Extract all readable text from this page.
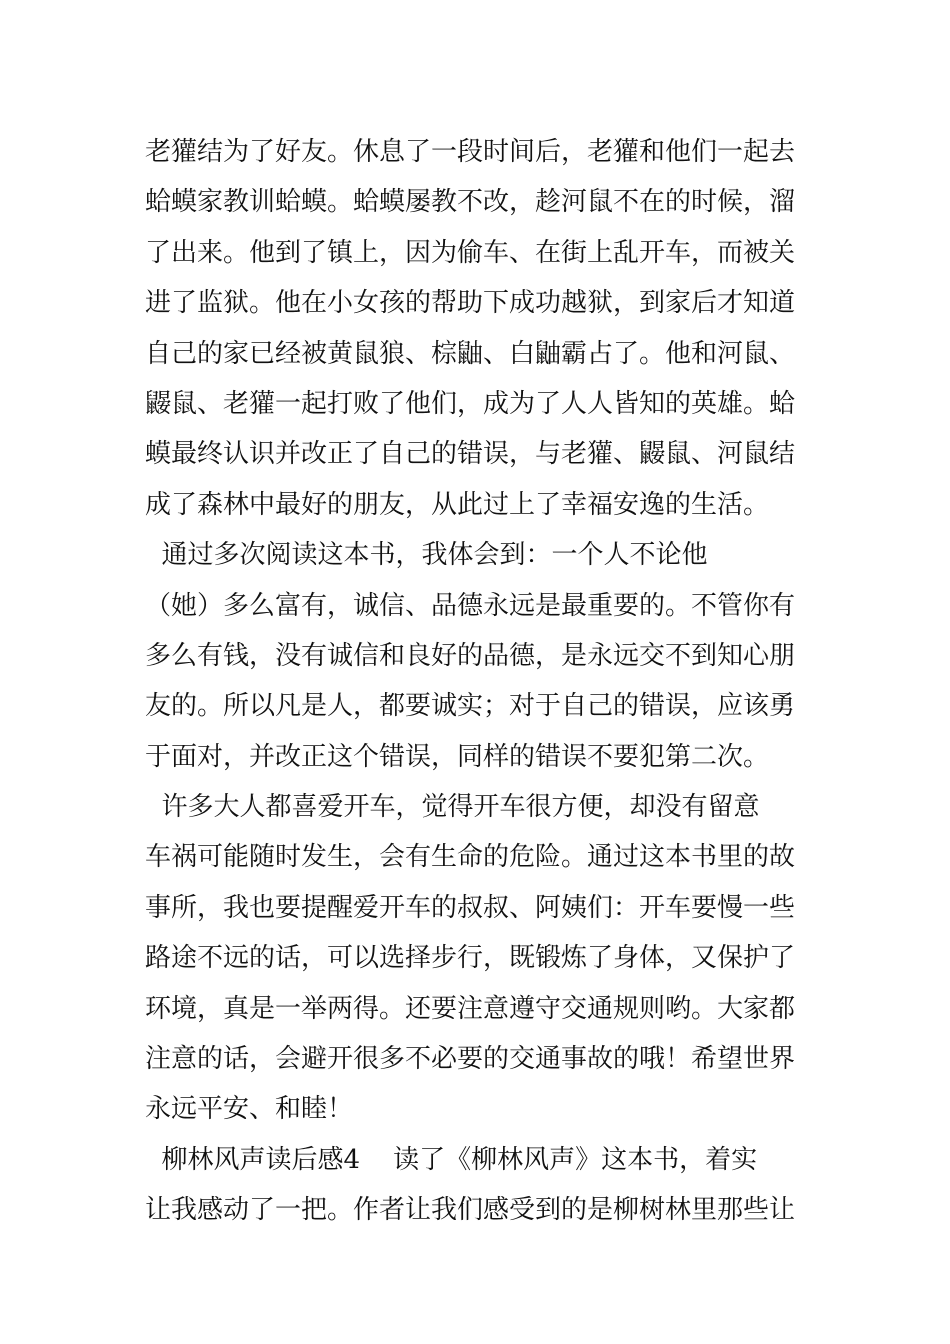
老獾结为了好友。休息了一段时间后，老獾和他们一起去
蛤蟆家教训蛤蟆。蛤蟆屡教不改，趁河鼠不在的时候，溜
了出来。他到了镇上，因为偷车、在街上乱开车，而被关
进了监狱。他在小女孩的帮助下成功越狱，到家后才知道
自己的家已经被黄鼠狼、棕鼬、白鼬霸占了。他和河鼠、
鼹鼠、老獾一起打败了他们，成为了人人皆知的英雄。蛤
蟆最终认识并改正了自己的错误，与老獾、鼹鼠、河鼠结
成了森林中最好的朋友，从此过上了幸福安逸的生活。
通过多次阅读这本书，我体会到：一个人不论他
（她）多么富有，诚信、品德永远是最重要的。不管你有
多么有钱，没有诚信和良好的品德，是永远交不到知心朋
友的。所以凡是人，都要诚实；对于自己的错误，应该勇
于面对，并改正这个错误，同样的错误不要犯第二次。
许多大人都喜爱开车，觉得开车很方便，却没有留意
车祸可能随时发生，会有生命的危险。通过这本书里的故
事所，我也要提醒爱开车的叔叔、阿姨们：开车要慢一些
路途不远的话，可以选择步行，既锻炼了身体，又保护了
环境，真是一举两得。还要注意遵守交通规则哟。大家都
注意的话，会避开很多不必要的交通事故的哦！希望世界
永远平安、和睦！
柳林风声读后感4    读了《柳林风声》这本书，着实
让我感动了一把。作者让我们感受到的是柳树林里那些让
